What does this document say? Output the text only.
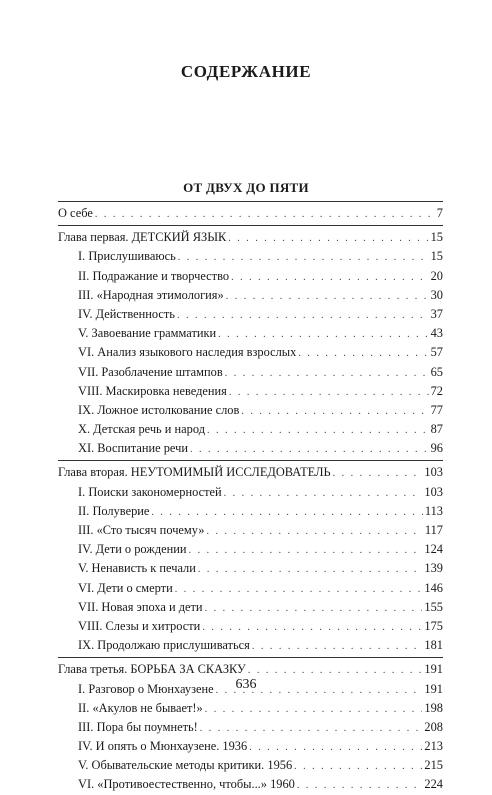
СОДЕРЖАНИЕ
ОТ ДВУХ ДО ПЯТИ
О себе . . .	7
Глава первая. ДЕТСКИЙ ЯЗЫК . . .	15
I. Прислушиваюсь . . .	15
II. Подражание и творчество . . .	20
III. «Народная этимология» . . .	30
IV. Действенность . . .	37
V. Завоевание грамматики . . .	43
VI. Анализ языкового наследия взрослых . . .	57
VII. Разоблачение штампов . . .	65
VIII. Маскировка неведения . . .	72
IX. Ложное истолкование слов . . .	77
X. Детская речь и народ . . .	87
XI. Воспитание речи . . .	96
Глава вторая. НЕУТОМИМЫЙ ИССЛЕДОВАТЕЛЬ . . .	103
I. Поиски закономерностей . . .	103
II. Полуверие . . .	113
III. «Сто тысяч почему» . . .	117
IV. Дети о рождении . . .	124
V. Ненависть к печали . . .	139
VI. Дети о смерти . . .	146
VII. Новая эпоха и дети . . .	155
VIII. Слезы и хитрости . . .	175
IX. Продолжаю прислушиваться . . .	181
Глава третья. БОРЬБА ЗА СКАЗКУ . . .	191
I. Разговор о Мюнхаузене . . .	191
II. «Акулов не бывает!» . . .	198
III. Пора бы поумнеть! . . .	208
IV. И опять о Мюнхаузене. 1936 . . .	213
V. Обывательские методы критики. 1956 . . .	215
VI. «Противоестественно, чтобы...» 1960 . . .	224
636
